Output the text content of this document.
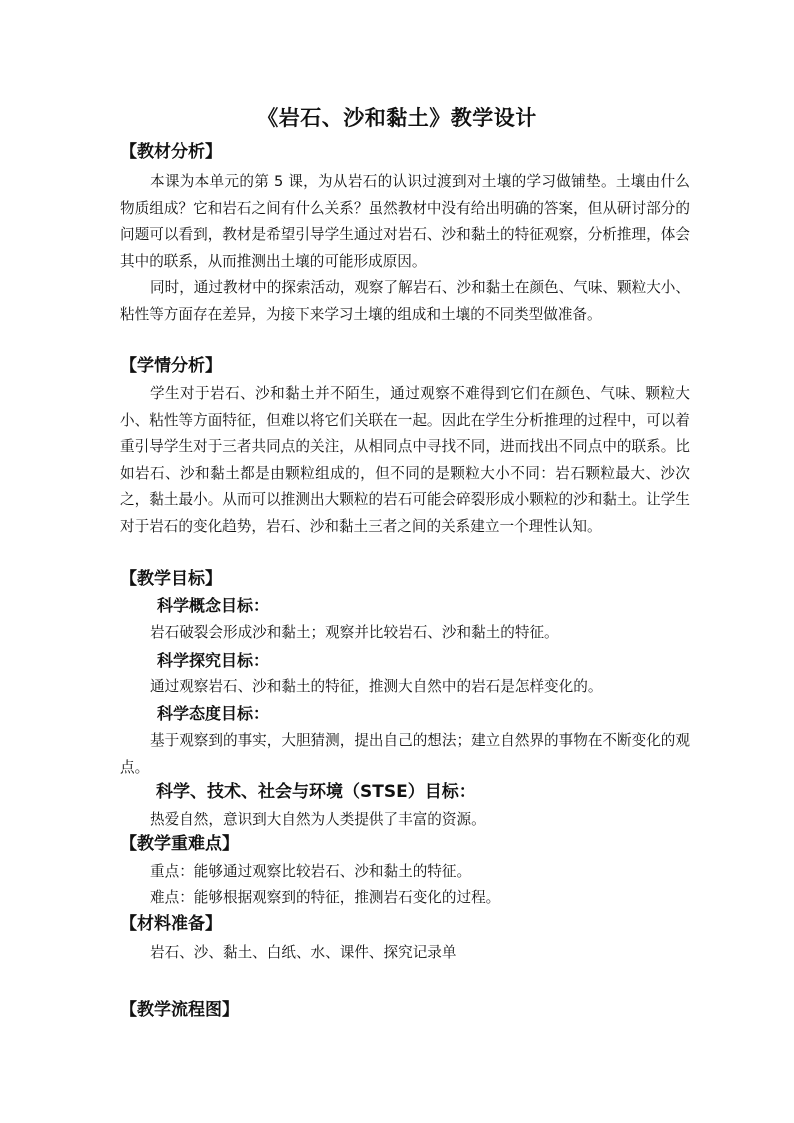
《岩石、沙和黏土》教学设计
【教材分析】

本课为本单元的第 5 课，为从岩石的认识过渡到对土壤的学习做铺垫。土壤由什么物质组成？它和岩石之间有什么关系？虽然教材中没有给出明确的答案，但从研讨部分的问题可以看到，教材是希望引导学生通过对岩石、沙和黏土的特征观察，分析推理，体会其中的联系，从而推测出土壤的可能形成原因。

同时，通过教材中的探索活动，观察了解岩石、沙和黏土在颜色、气味、颗粒大小、粘性等方面存在差异，为接下来学习土壤的组成和土壤的不同类型做准备。

【学情分析】

学生对于岩石、沙和黏土并不陌生，通过观察不难得到它们在颜色、气味、颗粒大小、粘性等方面特征，但难以将它们关联在一起。因此在学生分析推理的过程中，可以着重引导学生对于三者共同点的关注，从相同点中寻找不同，进而找出不同点中的联系。比如岩石、沙和黏土都是由颗粒组成的，但不同的是颗粒大小不同：岩石颗粒最大、沙次之，黏土最小。从而可以推测出大颗粒的岩石可能会碎裂形成小颗粒的沙和黏土。让学生对于岩石的变化趋势，岩石、沙和黏土三者之间的关系建立一个理性认知。

【教学目标】
科学概念目标：
岩石破裂会形成沙和黏土；观察并比较岩石、沙和黏土的特征。
科学探究目标：
通过观察岩石、沙和黏土的特征，推测大自然中的岩石是怎样变化的。
科学态度目标：

基于观察到的事实，大胆猜测，提出自己的想法；建立自然界的事物在不断变化的观点。

科学、技术、社会与环境（STSE）目标：
热爱自然，意识到大自然为人类提供了丰富的资源。
【教学重难点】
重点：能够通过观察比较岩石、沙和黏土的特征。
难点：能够根据观察到的特征，推测岩石变化的过程。
【材料准备】
岩石、沙、黏土、白纸、水、课件、探究记录单
【教学流程图】
